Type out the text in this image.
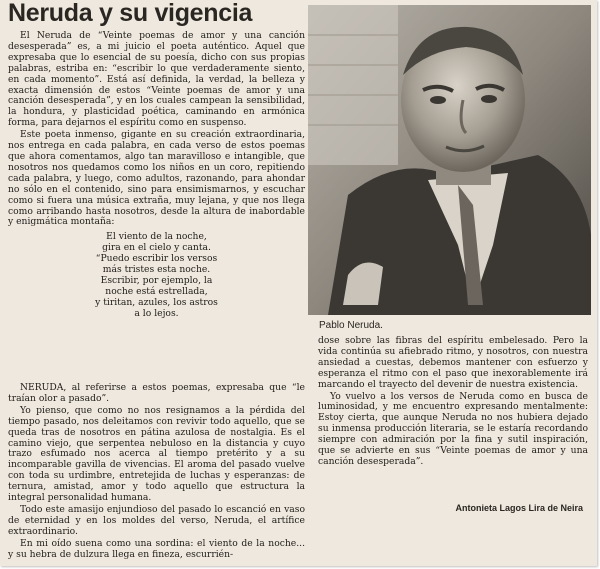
Neruda y su vigencia

El Neruda de “Veinte poemas de amor y una canción desesperada” es, a mi juicio el poeta auténtico. Aquel que expresaba que lo esencial de su poesía, dicho con sus propias palabras, estriba en: “escribir lo que verdaderamente siento, en cada momento”. Está así definida, la verdad, la belleza y exacta dimensión de estos “Veinte poemas de amor y una canción desesperada”, y en los cuales campean la sensibilidad, la hondura, y plasticidad poética, caminando en armónica forma, para dejarnos el espíritu como en suspenso.

Este poeta inmenso, gigante en su creación extraordinaria, nos entrega en cada palabra, en cada verso de estos poemas que ahora comentamos, algo tan maravilloso e intangible, que nosotros nos quedamos como los niños en un coro, repitiendo cada palabra, y luego, como adultos, razonando, para ahondar no sólo en el contenido, sino para ensimismarnos, y escuchar como si fuera una música extraña, muy lejana, y que nos llega como arribando hasta nosotros, desde la altura de inabordable y enigmática montaña:

El viento de la noche,
gira en el cielo y canta.
“Puedo escribir los versos
más tristes esta noche.
Escribir, por ejemplo, la
noche está estrellada,
y tiritan, azules, los astros
a lo lejos.

NERUDA, al referirse a estos poemas, expresaba que “le traían olor a pasado”.

Yo pienso, que como no nos resignamos a la pérdida del tiempo pasado, nos deleitamos con revivir todo aquello, que se queda tras de nosotros en pátina azulosa de nostalgia. Es el camino viejo, que serpentea nebuloso en la distancia y cuyo trazo esfumado nos acerca al tiempo pretérito y a su incomparable gavilla de vivencias. El aroma del pasado vuelve con toda su urdimbre, entretejida de luchas y esperanzas: de ternura, amistad, amor y todo aquello que estructura la integral personalidad humana.

Todo este amasijo enjundioso del pasado lo escanció en vaso de eternidad y en los moldes del verso, Neruda, el artífice extraordinario.

En mi oído suena como una sordina: el viento de la noche... y su hebra de dulzura llega en fineza, escurrién-

Pablo Neruda.

dose sobre las fibras del espíritu embelesado. Pero la vida continúa su afiebrado ritmo, y nosotros, con nuestra ansiedad a cuestas, debemos mantener con esfuerzo y esperanza el ritmo con el paso que inexorablemente irá marcando el trayecto del devenir de nuestra existencia.

Yo vuelvo a los versos de Neruda como en busca de luminosidad, y me encuentro expresando mentalmente: Estoy cierta, que aunque Neruda no nos hubiera dejado su inmensa producción literaria, se le estaría recordando siempre con admiración por la fina y sutil inspiración, que se advierte en sus “Veinte poemas de amor y una canción desesperada”.

Antonieta Lagos Lira de Neira
